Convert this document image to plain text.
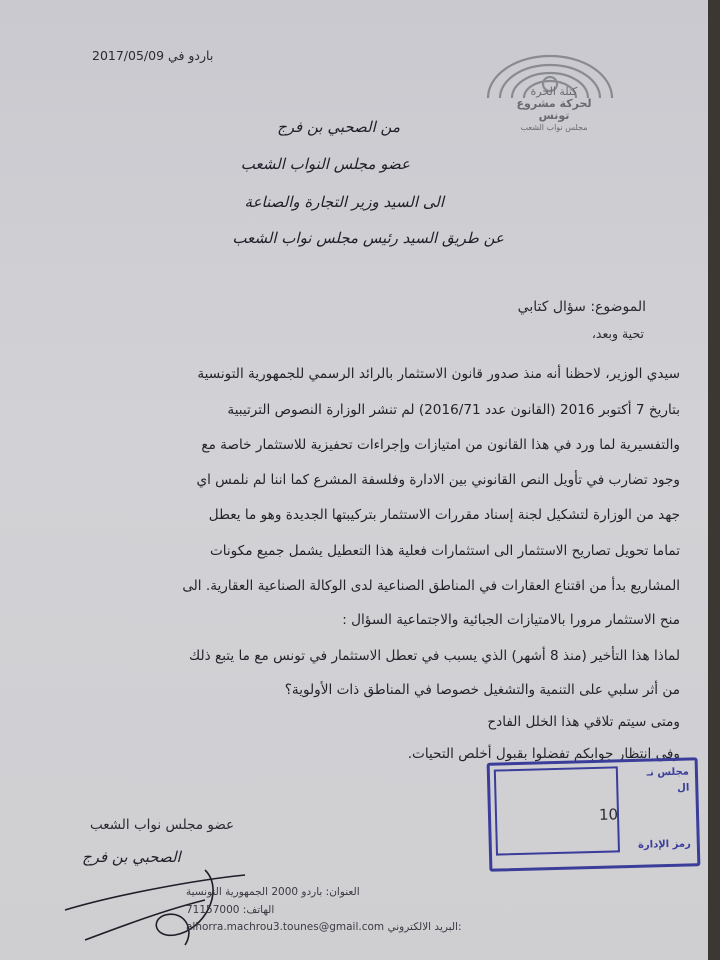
باردو في 2017/05/09
كتلة الحرة
لحركة مشروع تونس
مجلس نواب الشعب
من الصحبي بن فرج
عضو مجلس النواب الشعب
الى السيد وزير التجارة والصناعة
عن طريق السيد رئيس مجلس نواب الشعب
الموضوع: سؤال كتابي
تحية وبعد،
سيدي الوزير، لاحظنا أنه منذ صدور قانون الاستثمار بالرائد الرسمي للجمهورية التونسية
بتاريخ 7 أكتوبر 2016 (القانون عدد 2016/71) لم تنشر الوزارة النصوص الترتيبية
والتفسيرية لما ورد في هذا القانون من امتيازات وإجراءات تحفيزية للاستثمار خاصة مع
وجود تضارب في تأويل النص القانوني بين الادارة وفلسفة المشرع كما اننا لم نلمس اي
جهد من الوزارة لتشكيل لجنة إسناد مقررات الاستثمار بتركيبتها الجديدة وهو ما يعطل
تماما تحويل تصاريح الاستثمار الى استثمارات فعلية هذا التعطيل يشمل جميع مكونات
المشاريع بدأ من اقتناع العقارات في المناطق الصناعية لدى الوكالة الصناعية العقارية. الى
منح الاستثمار مرورا بالامتيازات الجبائية والاجتماعية السؤال :
لماذا هذا التأخير (منذ 8 أشهر) الذي يسبب في تعطل الاستثمار في تونس مع ما يتبع ذلك
من أثر سلبي على التنمية والتشغيل خصوصا في المناطق ذات الأولوية؟
ومتى سيتم تلاقي هذا الخلل الفادح
وفي انتظار جوابكم تفضلوا بقبول أخلص التحيات.
مجلس نـ
ال
10
رمز الإدارة
عضو مجلس نواب الشعب
الصحبي بن فرج
العنوان: باردو 2000 الجمهورية التونسية
الهاتف: 71157000
alhorra.machrou3.tounes@gmail.com البريد الالكتروني:
